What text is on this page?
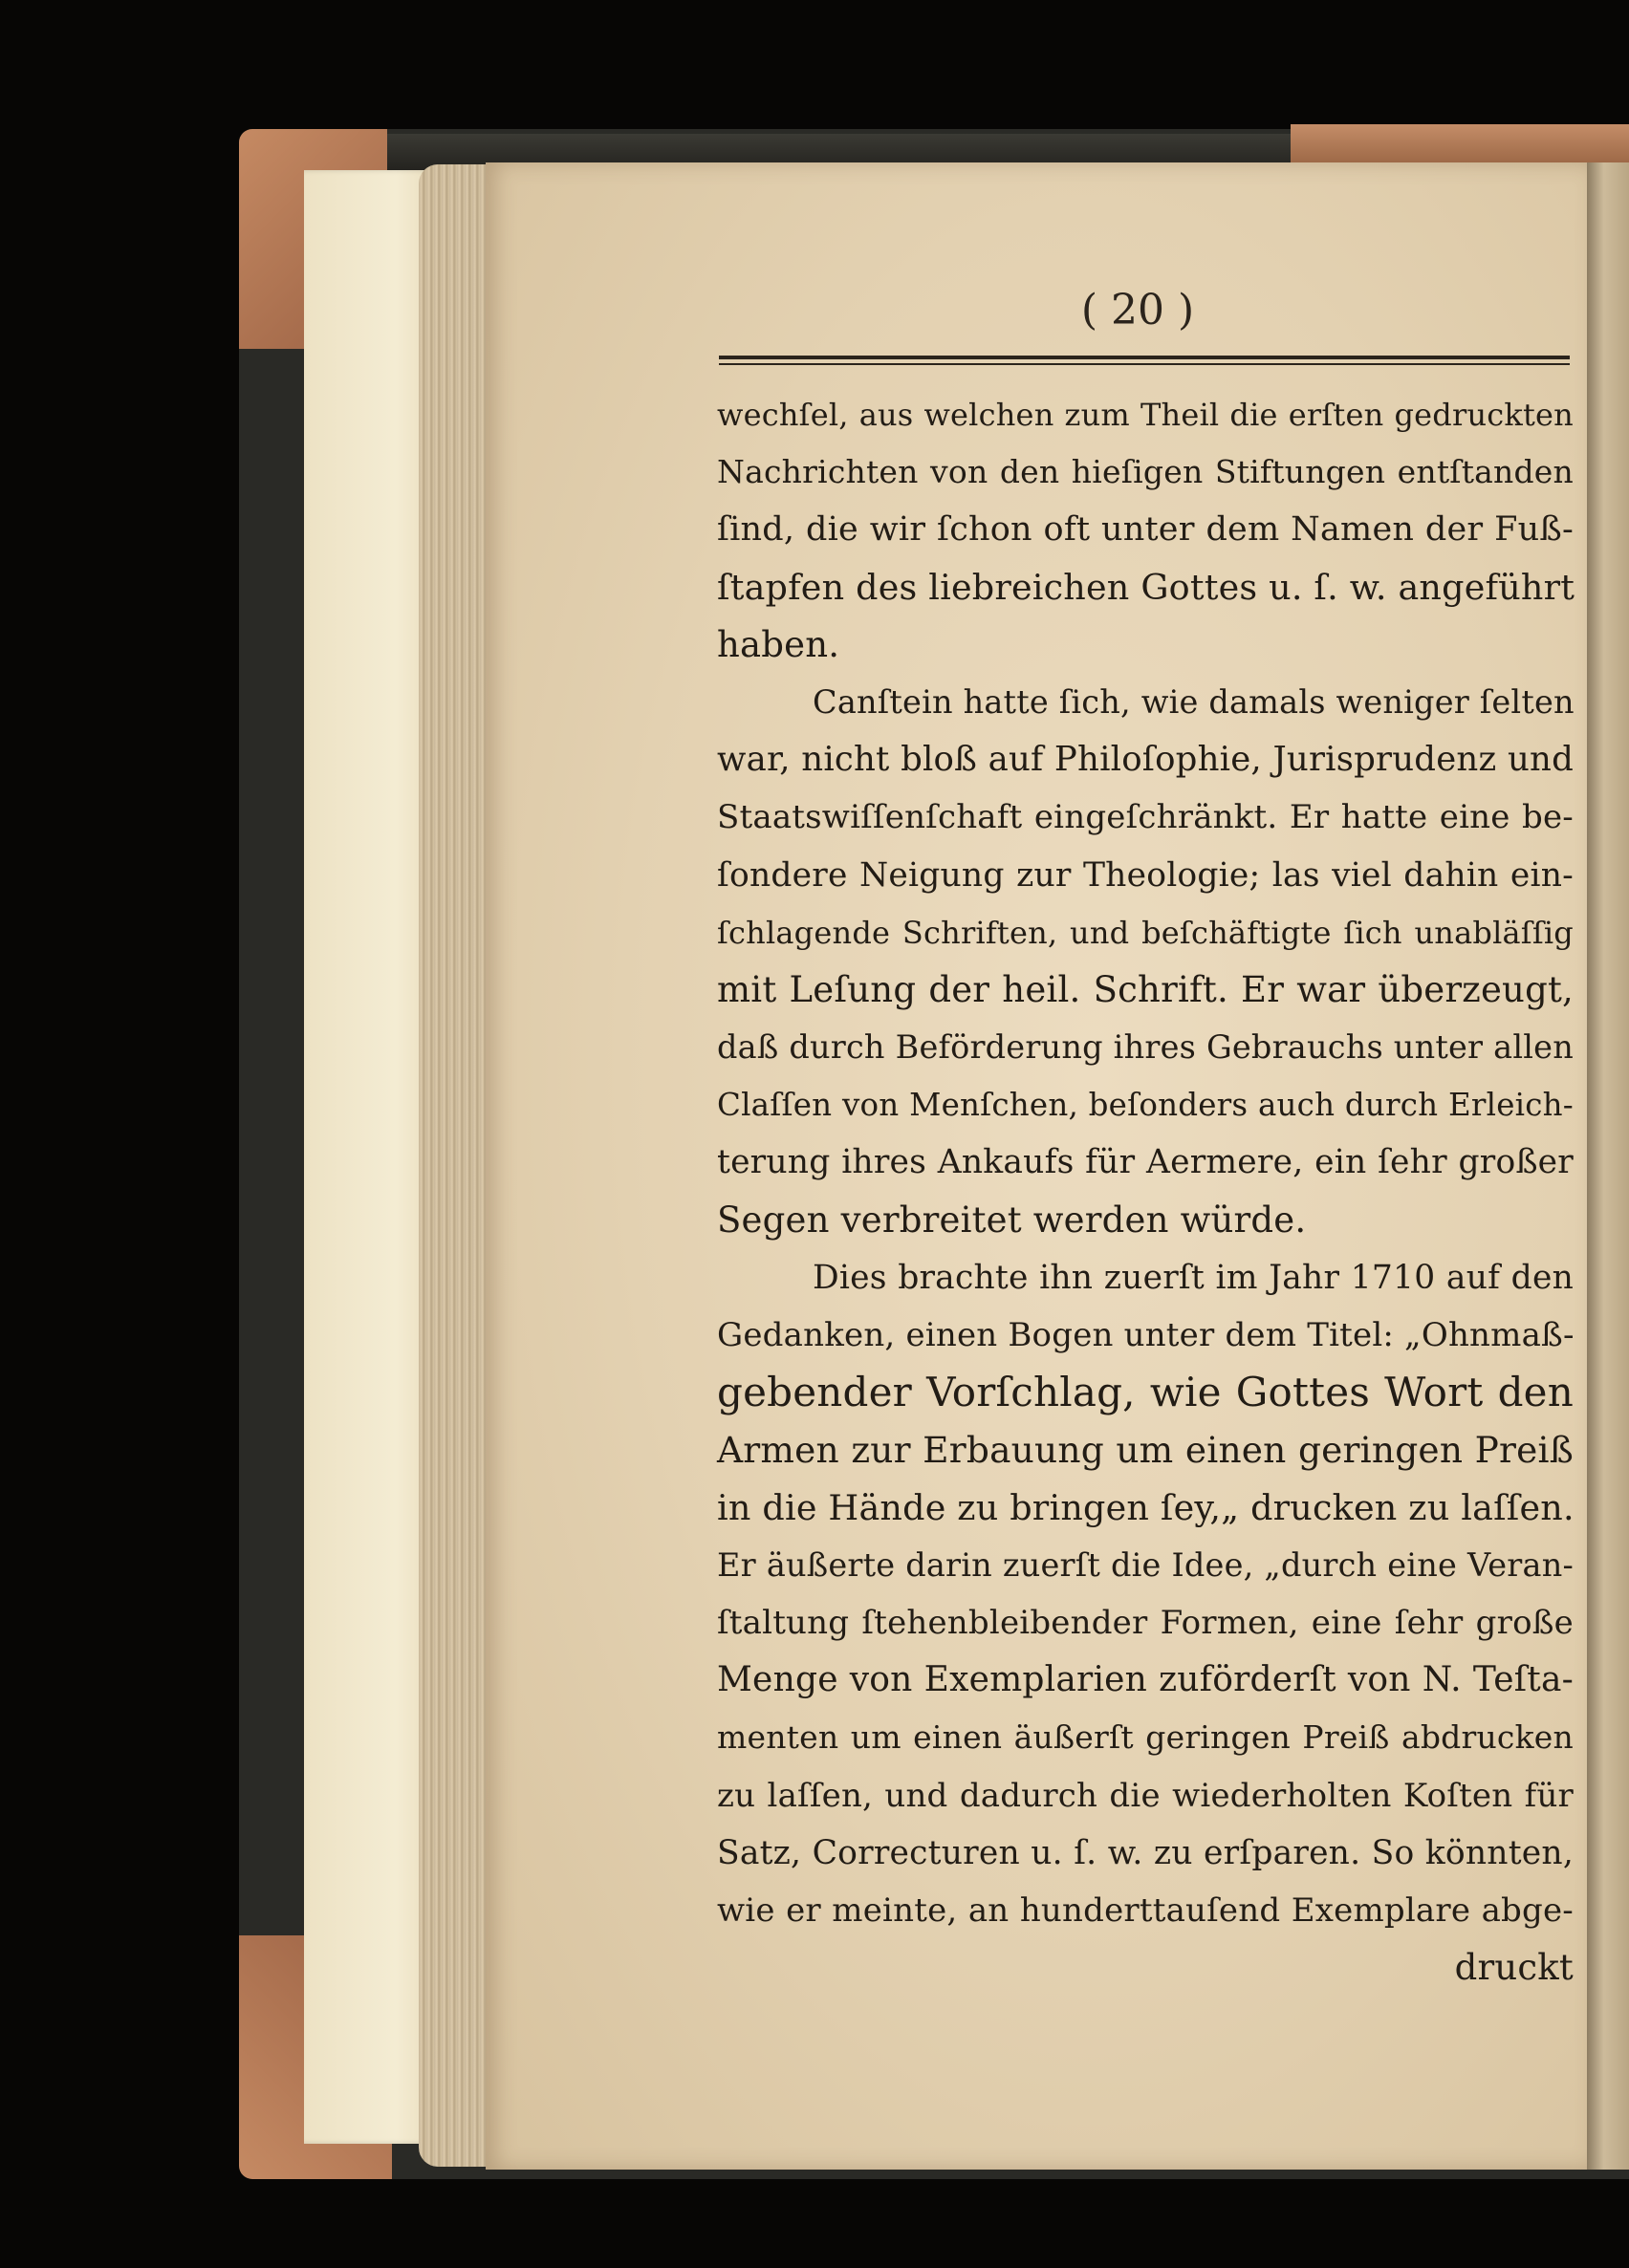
( 20 )
wechſel, aus welchen zum Theil die erſten gedruckten
Nachrichten von den hieſigen Stiftungen entſtanden
ſind, die wir ſchon oft unter dem Namen der Fuß-
ſtapfen des liebreichen Gottes u. ſ. w. angeführt
haben.
Canſtein hatte ſich, wie damals weniger ſelten
war, nicht bloß auf Philoſophie, Jurisprudenz und
Staatswiſſenſchaft eingeſchränkt. Er hatte eine be-
ſondere Neigung zur Theologie; las viel dahin ein-
ſchlagende Schriften, und beſchäftigte ſich unabläſſig
mit Leſung der heil. Schrift. Er war überzeugt,
daß durch Beförderung ihres Gebrauchs unter allen
Claſſen von Menſchen, beſonders auch durch Erleich-
terung ihres Ankaufs für Aermere, ein ſehr großer
Segen verbreitet werden würde.
Dies brachte ihn zuerſt im Jahr 1710 auf den
Gedanken, einen Bogen unter dem Titel: „Ohnmaß-
gebender Vorſchlag, wie Gottes Wort den
Armen zur Erbauung um einen geringen Preiß
in die Hände zu bringen ſey,„ drucken zu laſſen.
Er äußerte darin zuerſt die Idee, „durch eine Veran-
ſtaltung ſtehenbleibender Formen, eine ſehr große
Menge von Exemplarien zuförderſt von N. Teſta-
menten um einen äußerſt geringen Preiß abdrucken
zu laſſen, und dadurch die wiederholten Koſten für
Satz, Correcturen u. ſ. w. zu erſparen. So könnten,
wie er meinte, an hunderttauſend Exemplare abge-
druckt
